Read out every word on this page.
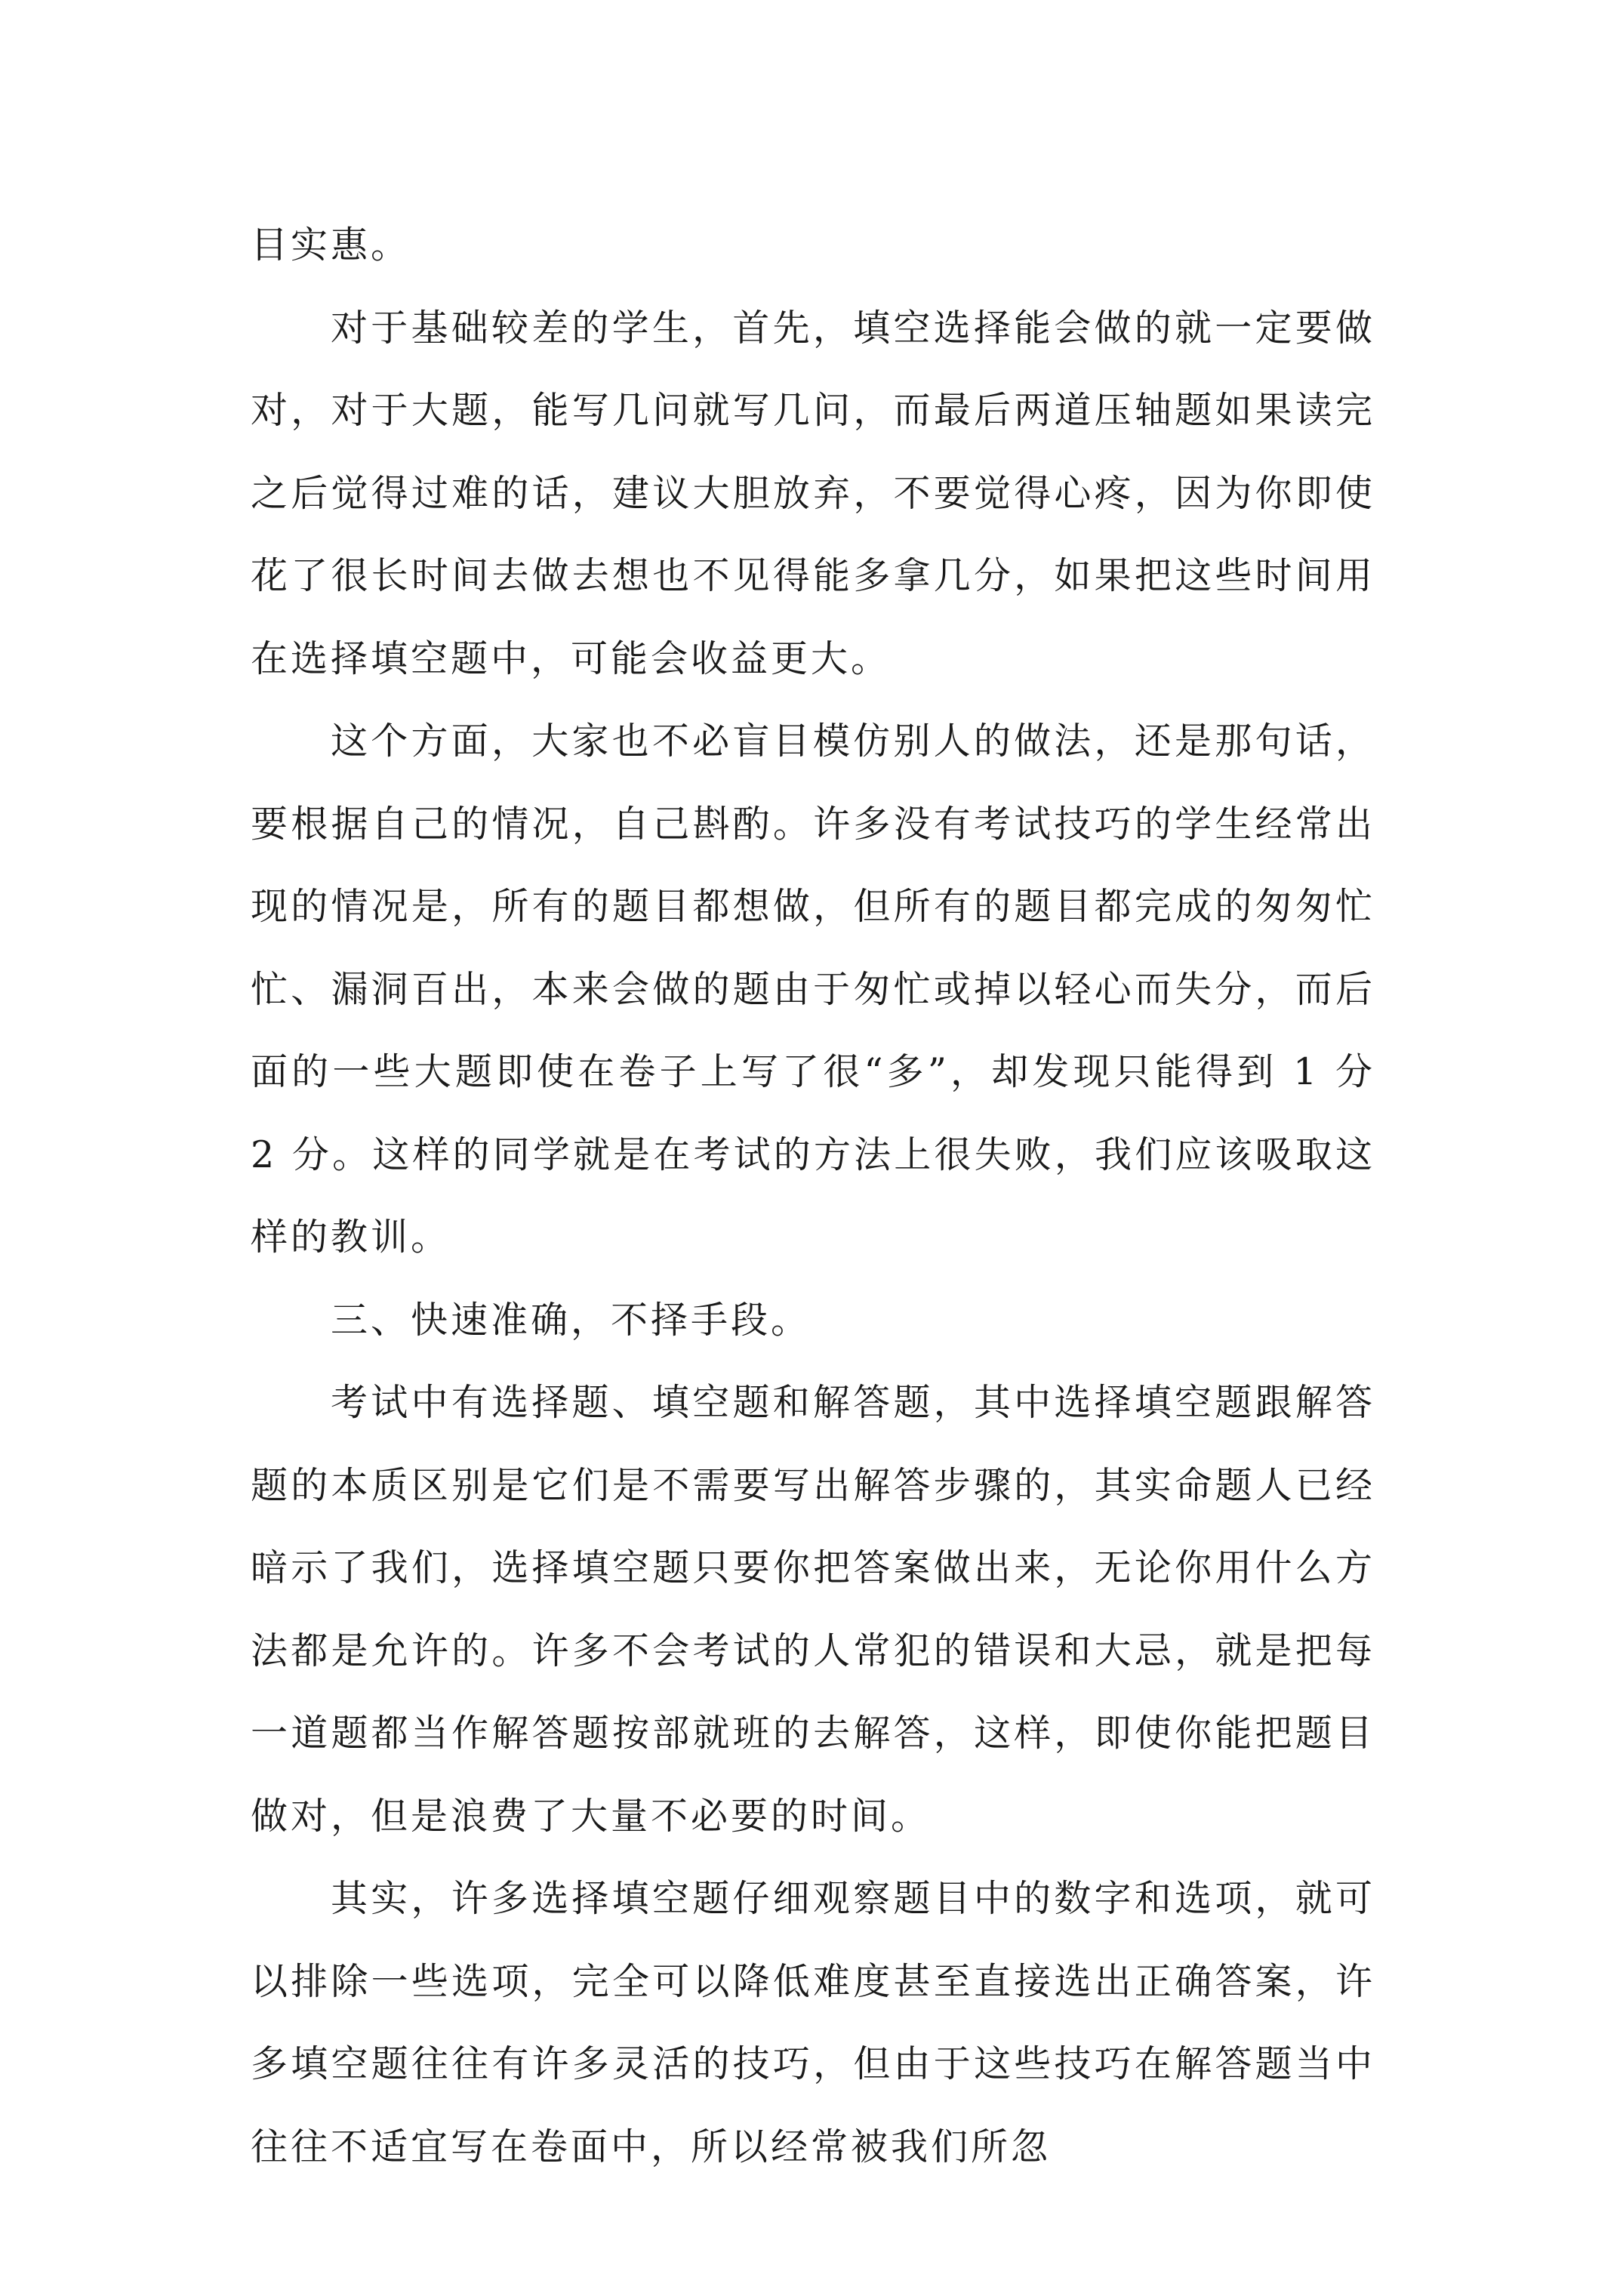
目实惠。

对于基础较差的学生，首先，填空选择能会做的就一定要做对，对于大题，能写几问就写几问，而最后两道压轴题如果读完之后觉得过难的话，建议大胆放弃，不要觉得心疼，因为你即使花了很长时间去做去想也不见得能多拿几分，如果把这些时间用在选择填空题中，可能会收益更大。

这个方面，大家也不必盲目模仿别人的做法，还是那句话，要根据自己的情况，自己斟酌。许多没有考试技巧的学生经常出现的情况是，所有的题目都想做，但所有的题目都完成的匆匆忙忙、漏洞百出，本来会做的题由于匆忙或掉以轻心而失分，而后面的一些大题即使在卷子上写了很“多”，却发现只能得到 1 分 2 分。这样的同学就是在考试的方法上很失败，我们应该吸取这样的教训。

三、快速准确，不择手段。

考试中有选择题、填空题和解答题，其中选择填空题跟解答题的本质区别是它们是不需要写出解答步骤的，其实命题人已经暗示了我们，选择填空题只要你把答案做出来，无论你用什么方法都是允许的。许多不会考试的人常犯的错误和大忌，就是把每一道题都当作解答题按部就班的去解答，这样，即使你能把题目做对，但是浪费了大量不必要的时间。

其实，许多选择填空题仔细观察题目中的数字和选项，就可以排除一些选项，完全可以降低难度甚至直接选出正确答案，许多填空题往往有许多灵活的技巧，但由于这些技巧在解答题当中往往不适宜写在卷面中，所以经常被我们所忽
